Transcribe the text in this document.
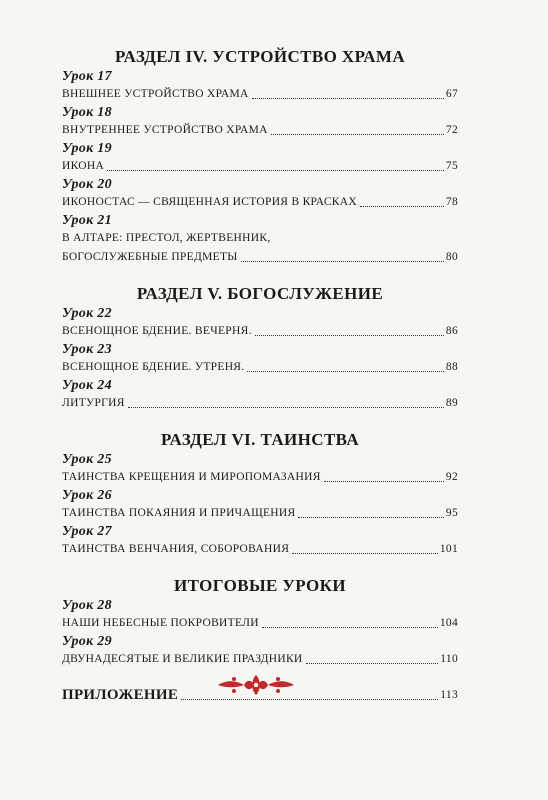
РАЗДЕЛ IV. УСТРОЙСТВО ХРАМА
Урок 17
ВНЕШНЕЕ УСТРОЙСТВО ХРАМА	67
Урок 18
ВНУТРЕННЕЕ УСТРОЙСТВО ХРАМА	72
Урок 19
ИКОНА	75
Урок 20
ИКОНОСТАС — СВЯЩЕННАЯ ИСТОРИЯ В КРАСКАХ	78
Урок 21
В АЛТАРЕ: ПРЕСТОЛ, ЖЕРТВЕННИК,
БОГОСЛУЖЕБНЫЕ ПРЕДМЕТЫ	80
РАЗДЕЛ V. БОГОСЛУЖЕНИЕ
Урок 22
ВСЕНОЩНОЕ БДЕНИЕ. ВЕЧЕРНЯ.	86
Урок 23
ВСЕНОЩНОЕ БДЕНИЕ. УТРЕНЯ.	88
Урок 24
ЛИТУРГИЯ	89
РАЗДЕЛ VI. ТАИНСТВА
Урок 25
ТАИНСТВА КРЕЩЕНИЯ И МИРОПОМАЗАНИЯ	92
Урок 26
ТАИНСТВА ПОКАЯНИЯ И ПРИЧАЩЕНИЯ	95
Урок 27
ТАИНСТВА ВЕНЧАНИЯ, СОБОРОВАНИЯ	101
ИТОГОВЫЕ УРОКИ
Урок 28
НАШИ НЕБЕСНЫЕ ПОКРОВИТЕЛИ	104
Урок 29
ДВУНАДЕСЯТЫЕ И ВЕЛИКИЕ ПРАЗДНИКИ	110
ПРИЛОЖЕНИЕ	113
